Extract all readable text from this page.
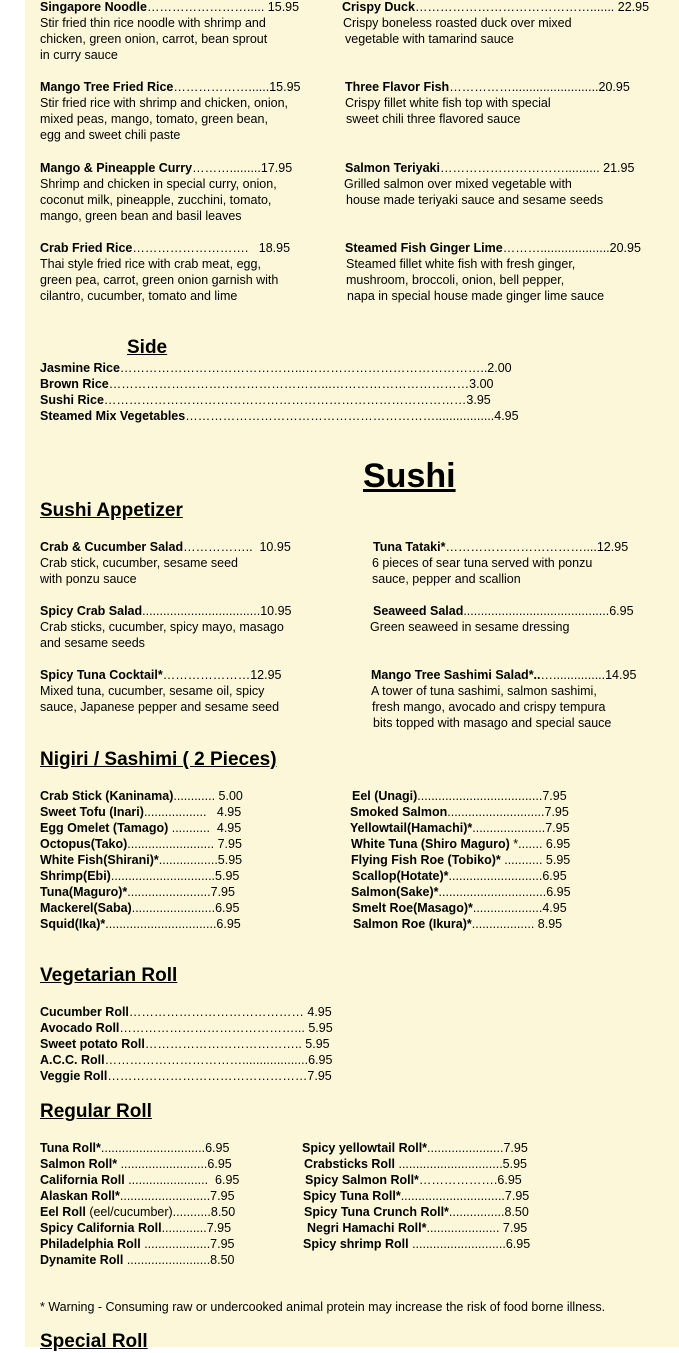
Singapore Noodle……………………..... 15.95
Stir fried thin rice noodle with shrimp and
chicken, green onion, carrot, bean sprout
in curry sauce
Mango Tree Fried Rice………………......15.95
Stir fried rice with shrimp and chicken, onion,
mixed peas, mango, tomato, green bean,
egg and sweet chili paste
Mango & Pineapple Curry……….........17.95
Shrimp and chicken in special curry, onion,
coconut milk, pineapple, zucchini, tomato,
mango, green bean and basil leaves
Crab Fried Rice……………………….   18.95
Thai style fried rice with crab meat, egg,
green pea, carrot, green onion garnish with
cilantro, cucumber, tomato and lime
Crispy Duck……………………………………....... 22.95
Crispy boneless roasted duck over mixed
vegetable with tamarind sauce
Three Flavor Fish…………….........................20.95
Crispy fillet white fish top with special
sweet chili three flavored sauce
Salmon Teriyaki………………………….......... 21.95
Grilled salmon over mixed vegetable with
house made teriyaki sauce and sesame seeds
Steamed Fish Ginger Lime………....................20.95
Steamed fillet white fish with fresh ginger,
mushroom, broccoli, onion, bell pepper,
napa in special house made ginger lime sauce
Side
Jasmine Rice……………………………………...……………………………………..2.00
Brown Rice……………………………………………...……………………………3.00
Sushi Rice……………………………………………………………………………3.95
Steamed Mix Vegetables…………………………………………………….................4.95
Sushi
Sushi Appetizer
Crab & Cucumber Salad……………..  10.95
Crab stick, cucumber, sesame seed
with ponzu sauce
Spicy Crab Salad..................................10.95
Crab sticks, cucumber, spicy mayo, masago
and sesame seeds
Spicy Tuna Cocktail*…………………12.95
Mixed tuna, cucumber, sesame oil, spicy
sauce, Japanese pepper and sesame seed
Tuna Tataki*……………………………....12.95
6 pieces of sear tuna served with ponzu
sauce, pepper and scallion
Seaweed Salad..........................................6.95
Green seaweed in sesame dressing
Mango Tree Sashimi Salad*..…...............14.95
A tower of tuna sashimi, salmon sashimi,
fresh mango, avocado and crispy tempura
bits topped with masago and special sauce
Nigiri / Sashimi ( 2 Pieces)
Crab Stick (Kaninama)............ 5.00
Sweet Tofu (Inari)..................   4.95
Egg Omelet (Tamago) ...........  4.95
Octopus(Tako)......................... 7.95
White Fish(Shirani)*.................5.95
Shrimp(Ebi)..............................5.95
Tuna(Maguro)*........................7.95
Mackerel(Saba)........................6.95
Squid(Ika)*................................6.95
Eel (Unagi)....................................7.95
Smoked Salmon............................7.95
Yellowtail(Hamachi)*.....................7.95
White Tuna (Shiro Maguro) *....... 6.95
Flying Fish Roe (Tobiko)* ........... 5.95
Scallop(Hotate)*...........................6.95
Salmon(Sake)*...............................6.95
Smelt Roe(Masago)*....................4.95
Salmon Roe (Ikura)*.................. 8.95
Vegetarian Roll
Cucumber Roll…………………………………… 4.95
Avocado Roll……………………………………... 5.95
Sweet potato Roll……………………………….. 5.95
A.C.C. Roll……………………………...................6.95
Veggie Roll…………………………………………7.95
Regular Roll
Tuna Roll*..............................6.95
Salmon Roll* .........................6.95
California Roll .......................  6.95
Alaskan Roll*..........................7.95
Eel Roll (eel/cucumber)...........8.50
Spicy California Roll.............7.95
Philadelphia Roll ...................7.95
Dynamite Roll ........................8.50
Spicy yellowtail Roll*......................7.95
Crabsticks Roll ..............................5.95
Spicy Salmon Roll*……………….6.95
Spicy Tuna Roll*..............................7.95
Spicy Tuna Crunch Roll*................8.50
Negri Hamachi Roll*..................... 7.95
Spicy shrimp Roll ...........................6.95
* Warning - Consuming raw or undercooked animal protein may increase the risk of food borne illness.
Special Roll
